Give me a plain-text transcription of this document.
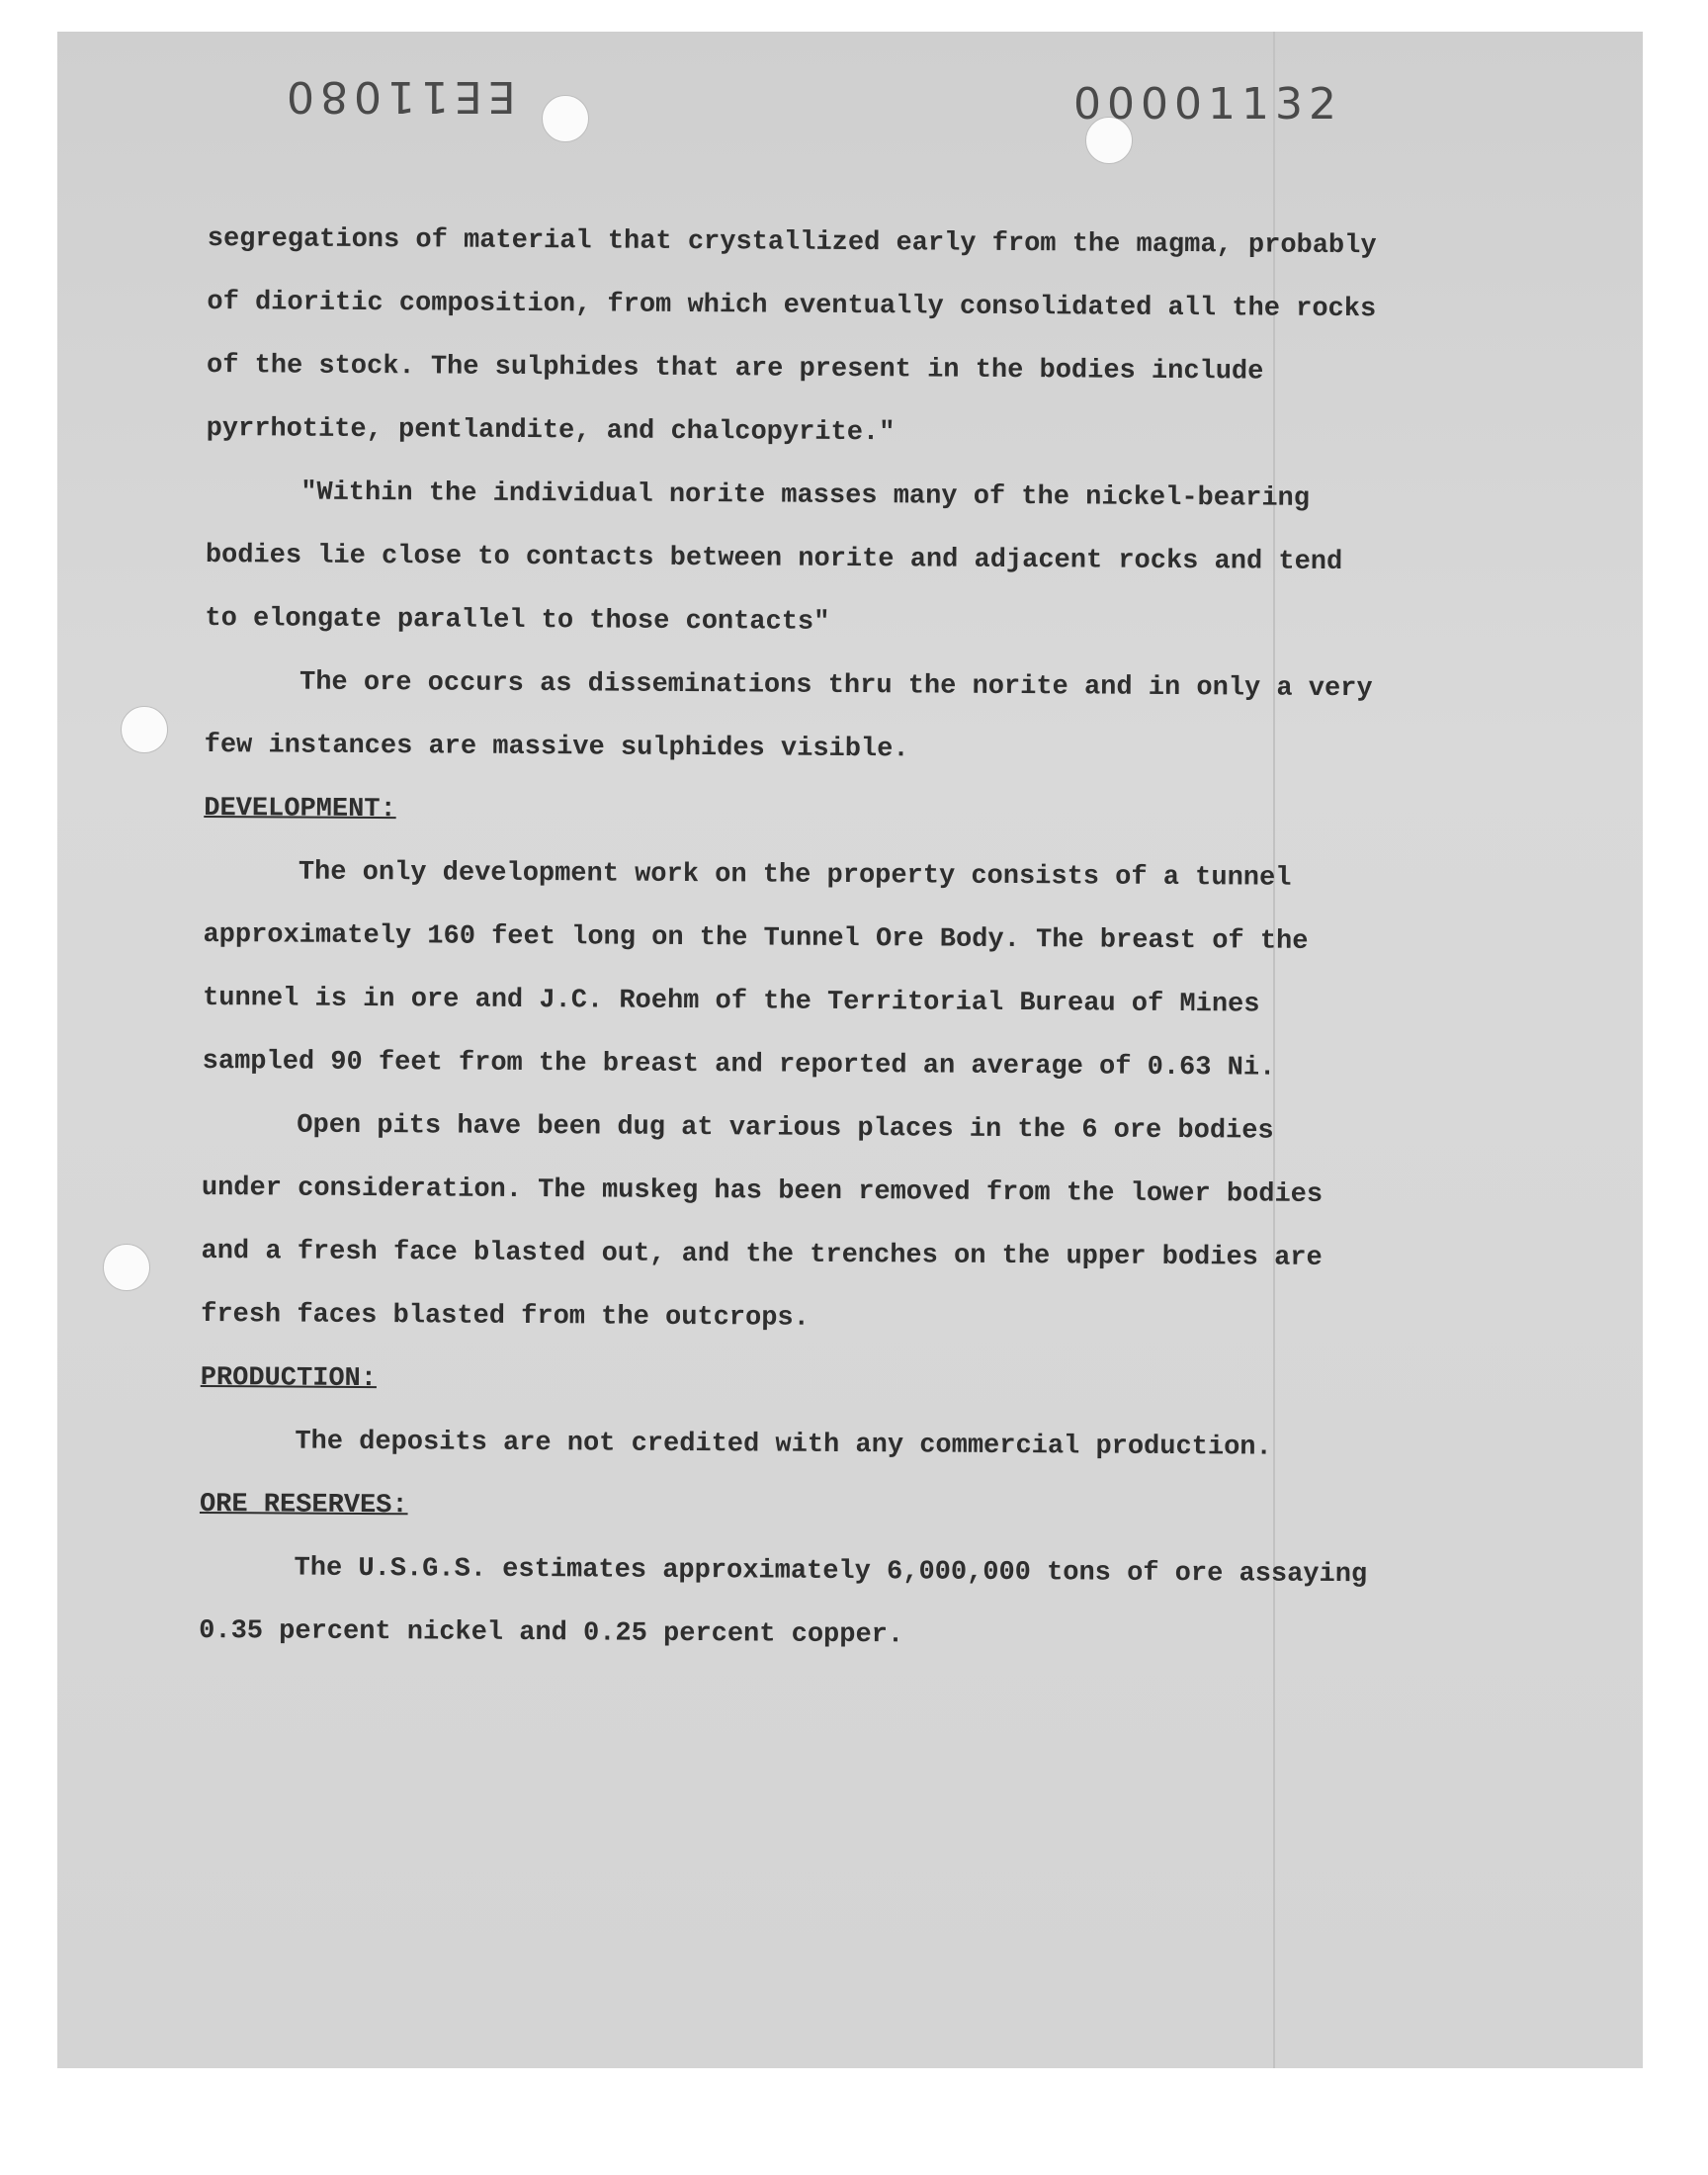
EE11080	0⁠0001132
segregations of material that crystallized early from the magma, probably
of dioritic composition, from which eventually consolidated all the rocks
of the stock. The sulphides that are present in the bodies include
pyrrhotite, pentlandite, and chalcopyrite."
"Within the individual norite masses many of the nickel-bearing
bodies lie close to contacts between norite and adjacent rocks and tend
to elongate parallel to those contacts"
The ore occurs as disseminations thru the norite and in only a very
few instances are massive sulphides visible.
DEVELOPMENT:
The only development work on the property consists of a tunnel
approximately 160 feet long on the Tunnel Ore Body. The breast of the
tunnel is in ore and J.C. Roehm of the Territorial Bureau of Mines
sampled 90 feet from the breast and reported an average of 0.63 Ni.
Open pits have been dug at various places in the 6 ore bodies
under consideration. The muskeg has been removed from the lower bodies
and a fresh face blasted out, and the trenches on the upper bodies are
fresh faces blasted from the outcrops.
PRODUCTION:
The deposits are not credited with any commercial production.
ORE RESERVES:
The U.S.G.S. estimates approximately 6,000,000 tons of ore assaying
0.35 percent nickel and 0.25 percent copper.
